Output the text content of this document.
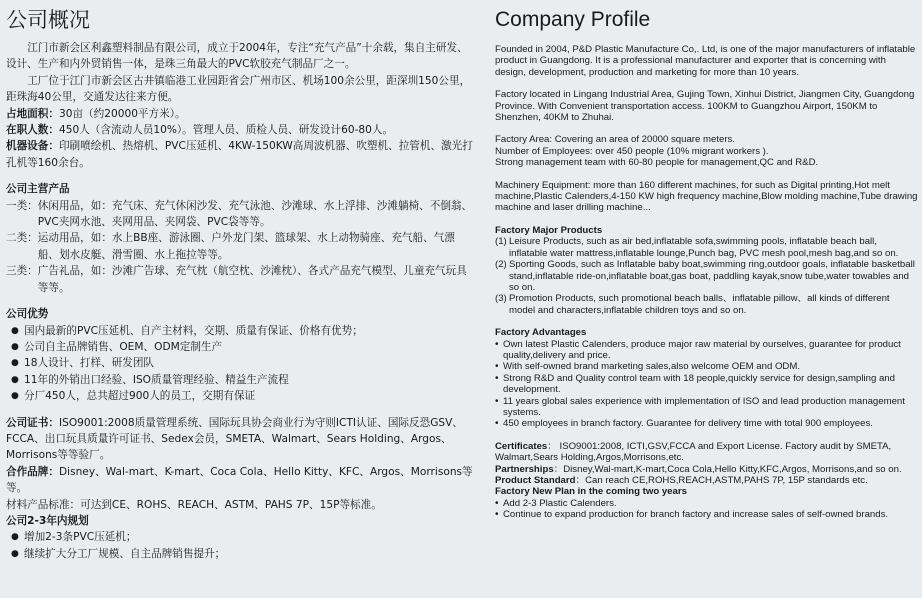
公司概况

江门市新会区利鑫塑料制品有限公司，成立于2004年，专注“充气产品”十余载，集自主研发、设计、生产和内外贸销售一体，是珠三角最大的PVC软胶充气制品厂之一。

工厂位于江门市新会区古井镇临港工业园距省会广州市区、机场100余公里，距深圳150公里，距珠海40公里，交通发达往来方便。

占地面积：30亩（约20000平方米）。

在职人数：450人（含流动人员10%）。管理人员、质检人员、研发设计60-80人。

机器设备：印刷喷绘机、热熔机、PVC压延机、4KW-150KW高周波机器、吹塑机、拉管机、激光打孔机等160余台。

公司主营产品

一类： 休闲用品，如：充气床、充气休闲沙发、充气泳池、沙滩球、水上浮排、沙滩躺椅、不倒翁、PVC夹网水池、夹网用品、夹网袋、PVC袋等等。
二类： 运动用品，如：水上BB座、游泳圈、户外龙门架、篮球架、水上动物骑座、充气船、气漂船、划水皮艇、滑雪圈、水上拖拉等等。
三类： 广告礼品，如：沙滩广告球、充气枕（航空枕、沙滩枕）、各式产品充气模型、儿童充气玩具等等。

公司优势

● 国内最新的PVC压延机、自产主材料，交期、质量有保证、价格有优势；
● 公司自主品牌销售、OEM、ODM定制生产
● 18人设计、打样、研发团队
● 11年的外销出口经验、ISO质量管理经验、精益生产流程
● 分厂450人，总共超过900人的员工，交期有保证

公司证书：ISO9001:2008质量管理系统、国际玩具协会商业行为守则ICTI认证、国际反恐GSV、FCCA、出口玩具质量许可证书、Sedex会员，SMETA、Walmart、Sears Holding、Argos、Morrisons等等验厂。

合作品牌：Disney、Wal-mart、K-mart、Coca Cola、Hello Kitty、KFC、Argos、Morrisons等等。

材料产品标准：可达到CE、ROHS、REACH、ASTM、PAHS 7P、15P等标准。

公司2-3年内规划

● 增加2-3条PVC压延机；
● 继续扩大分工厂规模、自主品牌销售提升；
Company Profile

Founded in 2004, P&D Plastic Manufacture Co,. Ltd, is one of the major manufacturers of inflatable product in Guangdong. It is a professional manufacturer and exporter that is concerning with design, development, production and marketing for more than 10 years.

Factory located in Lingang Industrial Area, Gujing Town, Xinhui District, Jiangmen City, Guangdong Province. With Convenient transportation access. 100KM to Guangzhou Airport, 150KM to Shenzhen, 40KM to Zhuhai.

Factory Area: Covering an area of 20000 square meters.

Number of Employees: over 450 people (10% migrant workers ).

Strong management team with 60-80 people for management,QC and R&D.

Machinery Equipment: more than 160 different machines, for such as Digital printing,Hot melt machine,Plastic Calenders,4-150 KW high frequency machine,Blow molding machine,Tube drawing machine and laser drilling machine...

Factory Major Products

(1) Leisure Products, such as air bed,inflatable sofa,swimming pools, inflatable beach ball, inflatable water mattress,inflatable lounge,Punch bag, PVC mesh pool,mesh bag,and so on.
(2) Sporting Goods, such as Inflatable baby boat,swimming ring,outdoor goals, inflatable basketball stand,inflatable ride-on,inflatable boat,gas boat, paddling kayak,snow tube,water towables and so on.
(3) Promotion Products, such promotional beach balls、inflatable pillow、all kinds of different model and characters,inflatable children toys and so on.

Factory Advantages

• Own latest Plastic Calenders, produce major raw material by ourselves, guarantee for product quality,delivery and price.
• With self-owned brand marketing sales,also welcome OEM and ODM.
• Strong R&D and Quality control team with 18 people,quickly service for design,sampling and development.
• 11 years global sales experience with implementation of ISO and lead production management systems.
• 450 employees in branch factory. Guarantee for delivery time with total 900 employees.

Certificates： ISO9001:2008, ICTI,GSV,FCCA and Export License. Factory audit by SMETA, Walmart,Sears Holding,Argos,Morrisons,etc.

Partnerships：Disney,Wal-mart,K-mart,Coca Cola,Hello Kitty,KFC,Argos, Morrisons,and so on.

Product Standard：Can reach CE,ROHS,REACH,ASTM,PAHS 7P, 15P standards etc.

Factory New Plan in the coming two years

• Add 2-3 Plastic Calenders.
• Continue to expand production for branch factory and increase sales of self-owned brands.
